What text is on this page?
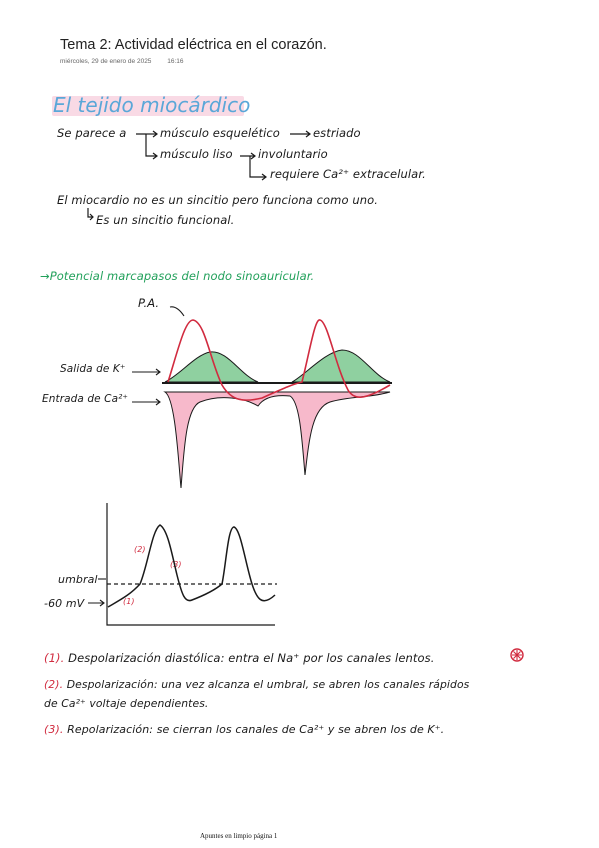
Tema 2: Actividad eléctrica en el corazón.
miércoles, 29 de enero de 2025 16:16
El tejido miocárdico
Se parece a	músculo esquelético	estriado
músculo liso involuntario
requiere Ca²⁺ extracelular.
El miocardio no es un sincitio pero funciona como uno.
Es un sincitio funcional.
→Potencial marcapasos del nodo sinoauricular.
P.A.
Salida de K⁺
Entrada de Ca²⁺
umbral
-60 mV	(1)
(2)
(3)
(1). Despolarización diastólica: entra el Na⁺ por los canales lentos.
(2). Despolarización: una vez alcanza el umbral, se abren los canales rápidos
de Ca²⁺ voltaje dependientes.
(3). Repolarización: se cierran los canales de Ca²⁺ y se abren los de K⁺.
Apuntes en limpio página 1
